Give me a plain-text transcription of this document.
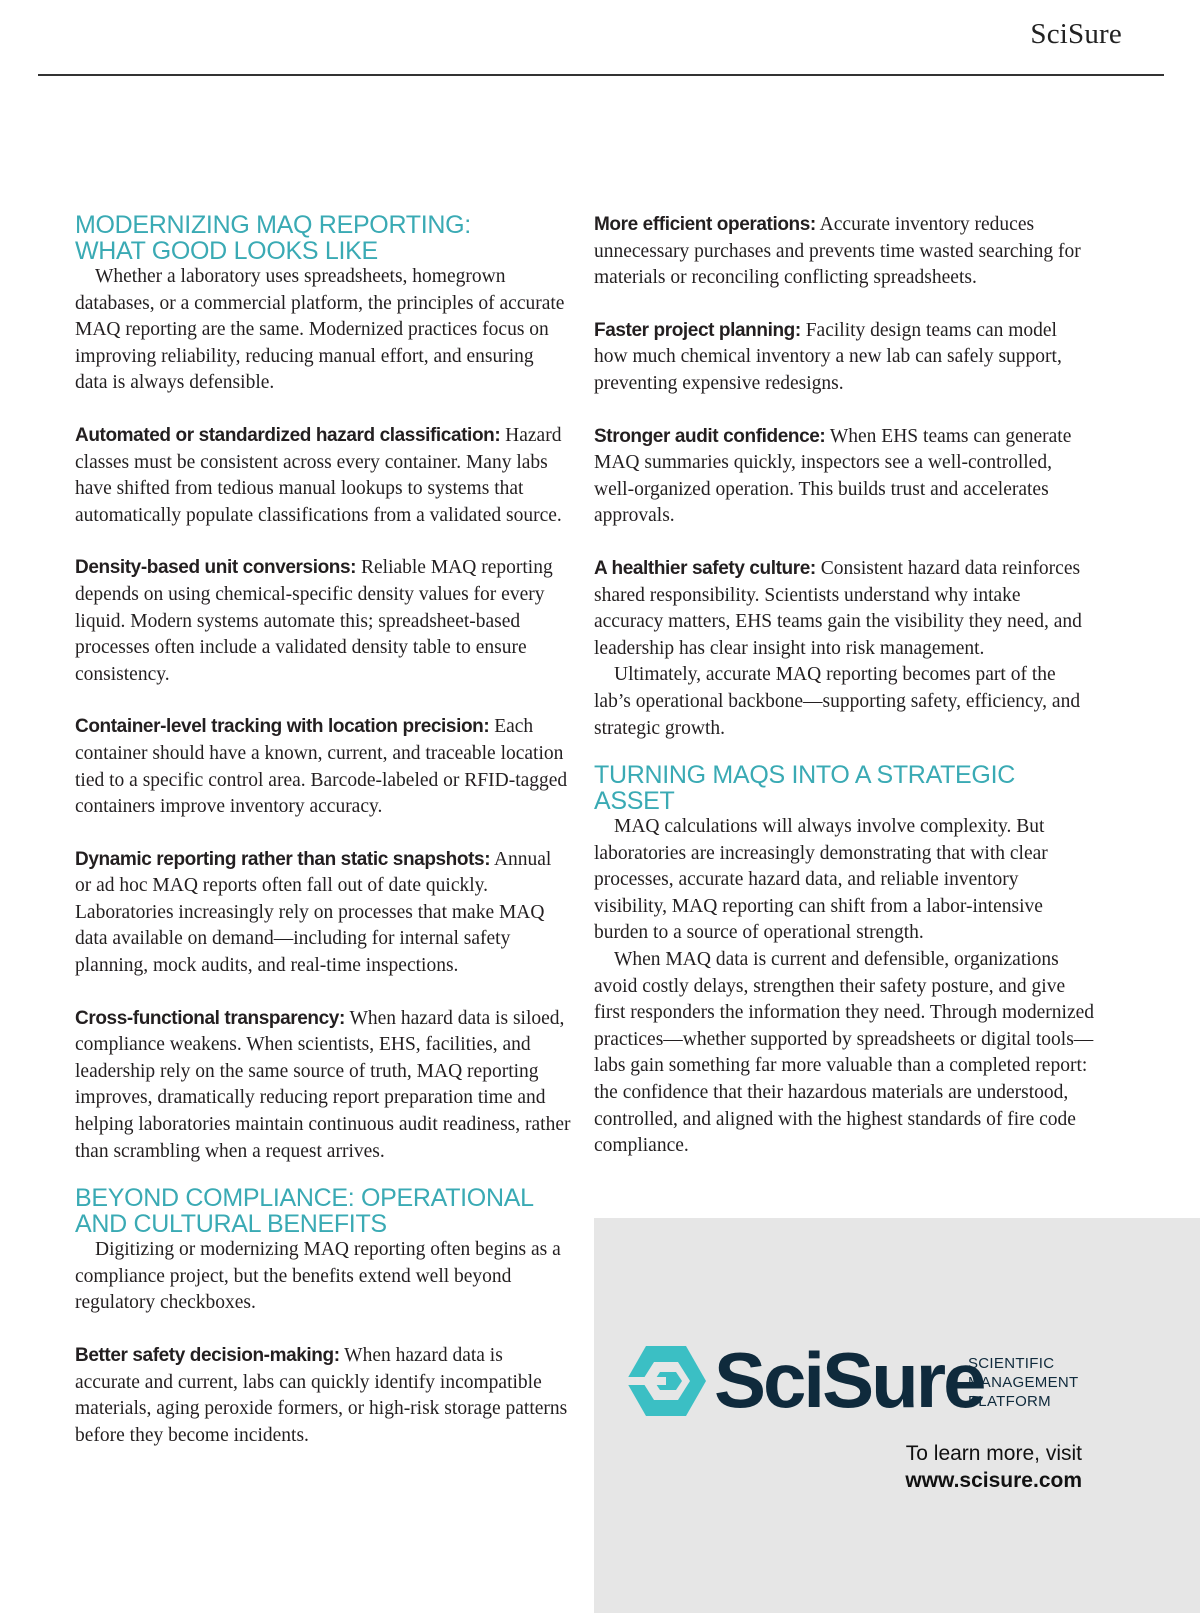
SciSure
MODERNIZING MAQ REPORTING: WHAT GOOD LOOKS LIKE

Whether a laboratory uses spreadsheets, homegrown databases, or a commercial platform, the principles of accurate MAQ reporting are the same. Modernized practices focus on improving reliability, reducing manual effort, and ensuring data is always defensible.

Automated or standardized hazard classification: Hazard classes must be consistent across every container. Many labs have shifted from tedious manual lookups to systems that automatically populate classifications from a validated source.

Density-based unit conversions: Reliable MAQ reporting depends on using chemical-specific density values for every liquid. Modern systems automate this; spreadsheet-based processes often include a validated density table to ensure consistency.

Container-level tracking with location precision: Each container should have a known, current, and traceable location tied to a specific control area. Barcode-labeled or RFID-tagged containers improve inventory accuracy.

Dynamic reporting rather than static snapshots: Annual or ad hoc MAQ reports often fall out of date quickly. Laboratories increasingly rely on processes that make MAQ data available on demand—including for internal safety planning, mock audits, and real-time inspections.

Cross-functional transparency: When hazard data is siloed, compliance weakens. When scientists, EHS, facilities, and leadership rely on the same source of truth, MAQ reporting improves, dramatically reducing report preparation time and helping laboratories maintain continuous audit readiness, rather than scrambling when a request arrives.

BEYOND COMPLIANCE: OPERATIONAL AND CULTURAL BENEFITS

Digitizing or modernizing MAQ reporting often begins as a compliance project, but the benefits extend well beyond regulatory checkboxes.

Better safety decision-making: When hazard data is accurate and current, labs can quickly identify incompatible materials, aging peroxide formers, or high-risk storage patterns before they become incidents.

More efficient operations: Accurate inventory reduces unnecessary purchases and prevents time wasted searching for materials or reconciling conflicting spreadsheets.

Faster project planning: Facility design teams can model how much chemical inventory a new lab can safely support, preventing expensive redesigns.

Stronger audit confidence: When EHS teams can generate MAQ summaries quickly, inspectors see a well-controlled, well-organized operation. This builds trust and accelerates approvals.

A healthier safety culture: Consistent hazard data reinforces shared responsibility. Scientists understand why intake accuracy matters, EHS teams gain the visibility they need, and leadership has clear insight into risk management.

Ultimately, accurate MAQ reporting becomes part of the lab’s operational backbone—supporting safety, efficiency, and strategic growth.

TURNING MAQS INTO A STRATEGIC ASSET

MAQ calculations will always involve complexity. But laboratories are increasingly demonstrating that with clear processes, accurate hazard data, and reliable inventory visibility, MAQ reporting can shift from a labor-intensive burden to a source of operational strength.

When MAQ data is current and defensible, organizations avoid costly delays, strengthen their safety posture, and give first responders the information they need. Through modernized practices—whether supported by spreadsheets or digital tools—labs gain something far more valuable than a completed report: the confidence that their hazardous materials are understood, controlled, and aligned with the highest standards of fire code compliance.

SciSure
SCIENTIFIC
MANAGEMENT
PLATFORM
To learn more, visit
www.scisure.com
